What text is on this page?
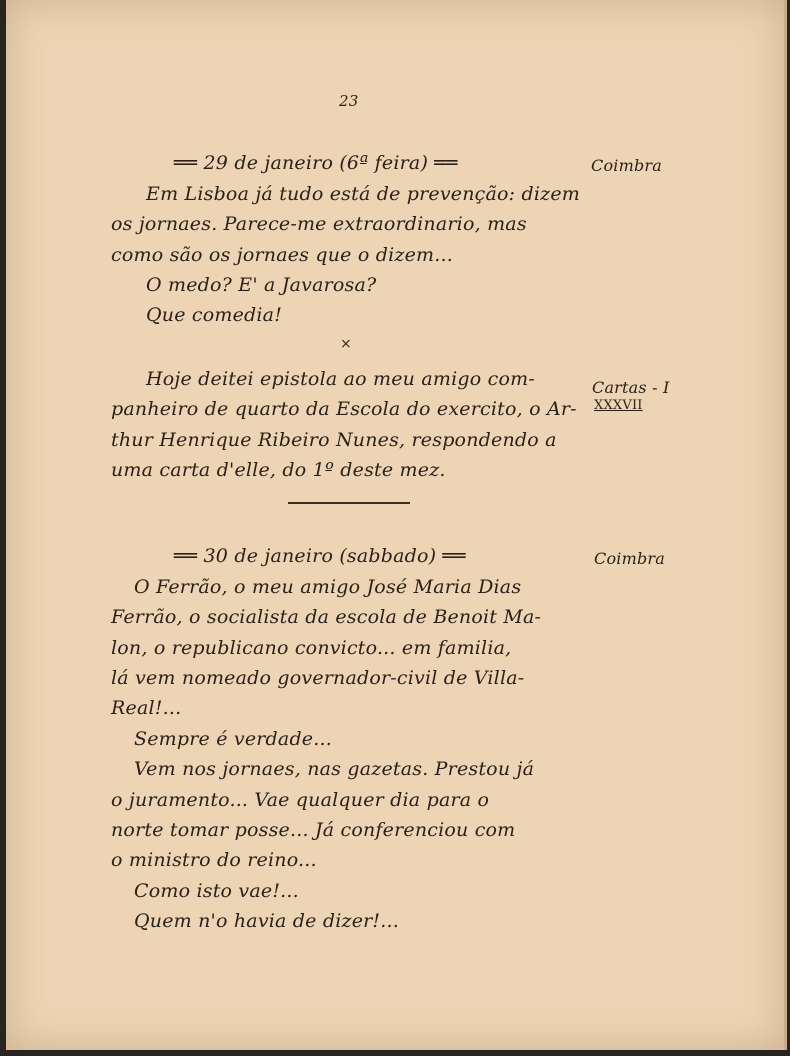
23
══ 29 de janeiro (6ª feira) ══	Coimbra
Em Lisboa já tudo está de prevenção: dizem
os jornaes. Parece-me extraordinario, mas
como são os jornaes que o dizem...
O medo? E' a Javarosa?
Que comedia!
×
Hoje deitei epistola ao meu amigo com-
panheiro de quarto da Escola do exercito, o Ar-
thur Henrique Ribeiro Nunes, respondendo a
uma carta d'elle, do 1º deste mez.
Cartas - I
XXXVII
══ 30 de janeiro (sabbado) ══	Coimbra
O Ferrão, o meu amigo José Maria Dias
Ferrão, o socialista da escola de Benoit Ma-
lon, o republicano convicto... em familia,
lá vem nomeado governador-civil de Villa-
Real!...
Sempre é verdade...
Vem nos jornaes, nas gazetas. Prestou já
o juramento... Vae qualquer dia para o
norte tomar posse... Já conferenciou com
o ministro do reino...
Como isto vae!...
Quem n'o havia de dizer!...
